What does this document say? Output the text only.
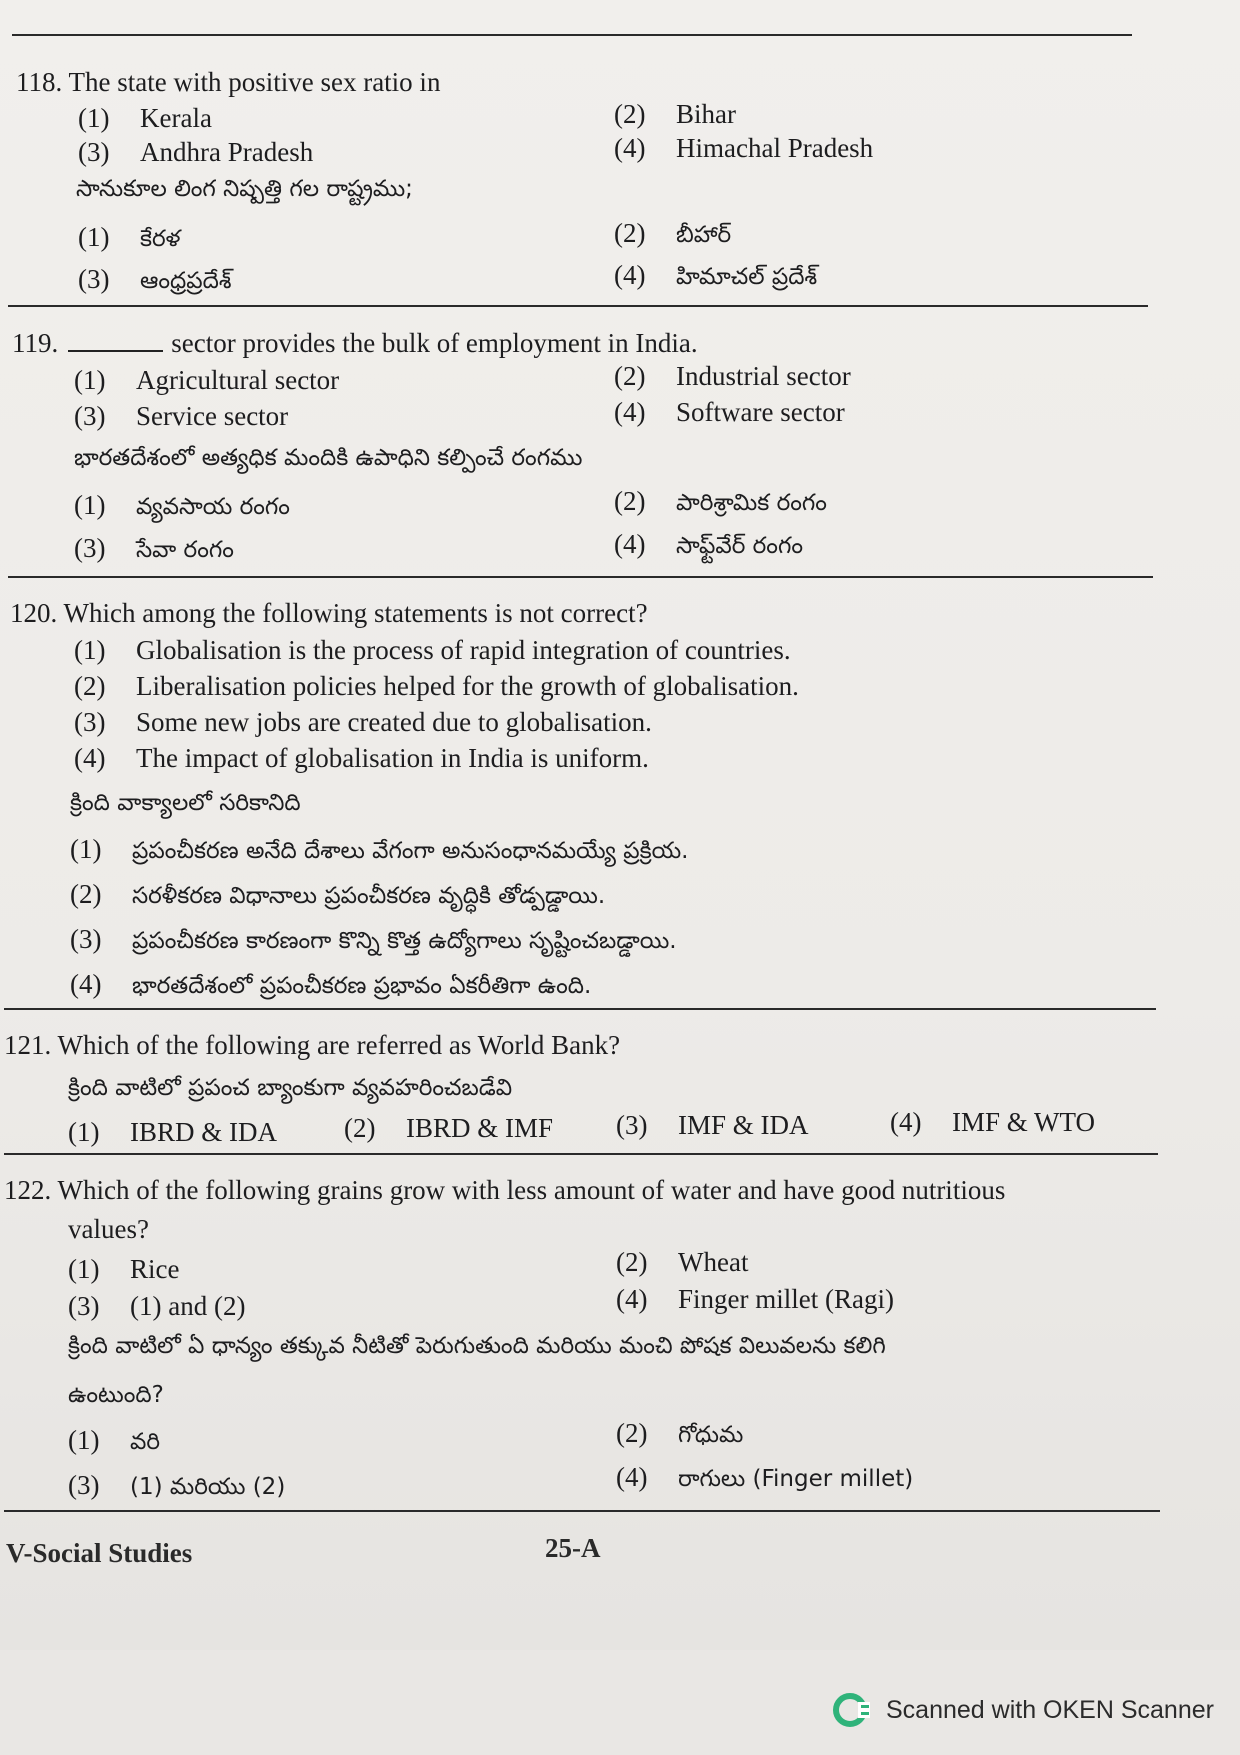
118. The state with positive sex ratio in
(1) Kerala	(2) Bihar
(3) Andhra Pradesh	(4) Himachal Pradesh
సానుకూల లింగ నిష్పత్తి గల రాష్ట్రము;
(1) కేరళ	(2) బీహార్
(3) ఆంధ్రప్రదేశ్	(4) హిమాచల్ ప్రదేశ్
119.	sector provides the bulk of employment in India.
(1) Agricultural sector	(2) Industrial sector
(3) Service sector	(4) Software sector
భారతదేశంలో అత్యధిక మందికి ఉపాధిని కల్పించే రంగము
(1) వ్యవసాయ రంగం	(2) పారిశ్రామిక రంగం
(3) సేవా రంగం	(4) సాఫ్ట్‌వేర్ రంగం
120. Which among the following statements is not correct?
(1) Globalisation is the process of rapid integration of countries.
(2) Liberalisation policies helped for the growth of globalisation.
(3) Some new jobs are created due to globalisation.
(4) The impact of globalisation in India is uniform.
క్రింది వాక్యాలలో సరికానిది
(1) ప్రపంచీకరణ అనేది దేశాలు వేగంగా అనుసంధానమయ్యే ప్రక్రియ.
(2) సరళీకరణ విధానాలు ప్రపంచీకరణ వృద్ధికి తోడ్పడ్డాయి.
(3) ప్రపంచీకరణ కారణంగా కొన్ని కొత్త ఉద్యోగాలు సృష్టించబడ్డాయి.
(4) భారతదేశంలో ప్రపంచీకరణ ప్రభావం ఏకరీతిగా ఉంది.
121. Which of the following are referred as World Bank?
క్రింది వాటిలో ప్రపంచ బ్యాంకుగా వ్యవహరించబడేవి
(1) IBRD & IDA (2) IBRD & IMF (3) IMF & IDA	(4) IMF & WTO
122. Which of the following grains grow with less amount of water and have good nutritious
values?
(1) Rice	(2) Wheat
(3) (1) and (2)	(4) Finger millet (Ragi)
క్రింది వాటిలో ఏ ధాన్యం తక్కువ నీటితో పెరుగుతుంది మరియు మంచి పోషక విలువలను కలిగి
ఉంటుంది?
(1) వరి	(2) గోధుమ
(3) (1) మరియు (2)	(4) రాగులు (Finger millet)
V-Social Studies	25-A
Scanned with OKEN Scanner
